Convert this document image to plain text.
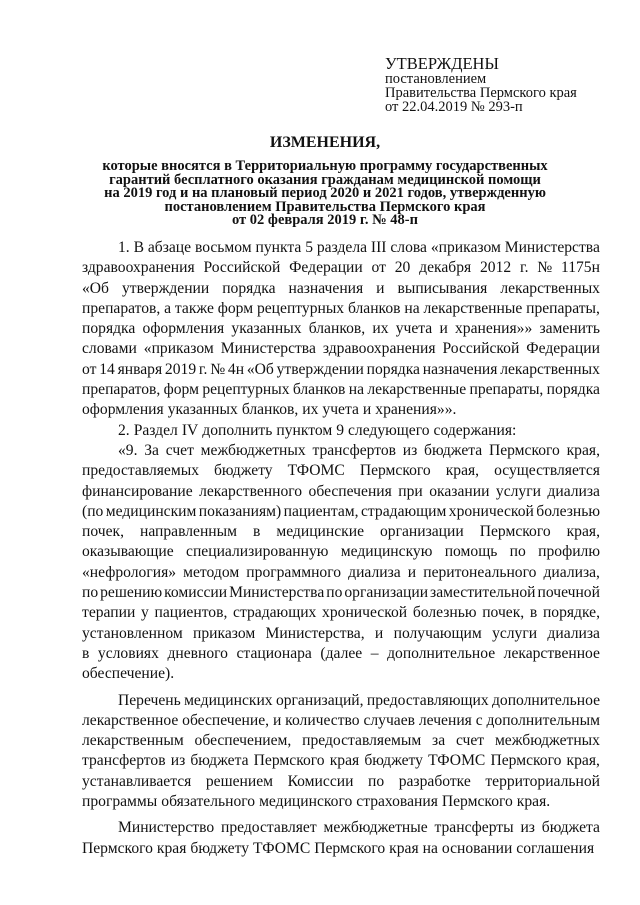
УТВЕРЖДЕНЫ
постановлением
Правительства Пермского края
от 22.04.2019 № 293-п
ИЗМЕНЕНИЯ,
которые вносятся в Территориальную программу государственных
гарантий бесплатного оказания гражданам медицинской помощи
на 2019 год и на плановый период 2020 и 2021 годов, утвержденную
постановлением Правительства Пермского края
от 02 февраля 2019 г. № 48-п
1. В абзаце восьмом пункта 5 раздела III слова «приказом Министерства
здравоохранения Российской Федерации от 20 декабря 2012 г. № 1175н
«Об утверждении порядка назначения и выписывания лекарственных
препаратов, а также форм рецептурных бланков на лекарственные препараты,
порядка оформления указанных бланков, их учета и хранения»» заменить
словами «приказом Министерства здравоохранения Российской Федерации
от 14 января 2019 г. № 4н «Об утверждении порядка назначения лекарственных
препаратов, форм рецептурных бланков на лекарственные препараты, порядка
оформления указанных бланков, их учета и хранения»».
2. Раздел IV дополнить пунктом 9 следующего содержания:
«9. За счет межбюджетных трансфертов из бюджета Пермского края,
предоставляемых бюджету ТФОМС Пермского края, осуществляется
финансирование лекарственного обеспечения при оказании услуги диализа
(по медицинским показаниям) пациентам, страдающим хронической болезнью
почек, направленным в медицинские организации Пермского края,
оказывающие специализированную медицинскую помощь по профилю
«нефрология» методом программного диализа и перитонеального диализа,
по решению комиссии Министерства по организации заместительной почечной
терапии у пациентов, страдающих хронической болезнью почек, в порядке,
установленном приказом Министерства, и получающим услуги диализа
в условиях дневного стационара (далее – дополнительное лекарственное
обеспечение).
Перечень медицинских организаций, предоставляющих дополнительное
лекарственное обеспечение, и количество случаев лечения с дополнительным
лекарственным обеспечением, предоставляемым за счет межбюджетных
трансфертов из бюджета Пермского края бюджету ТФОМС Пермского края,
устанавливается решением Комиссии по разработке территориальной
программы обязательного медицинского страхования Пермского края.
Министерство предоставляет межбюджетные трансферты из бюджета
Пермского края бюджету ТФОМС Пермского края на основании соглашения
